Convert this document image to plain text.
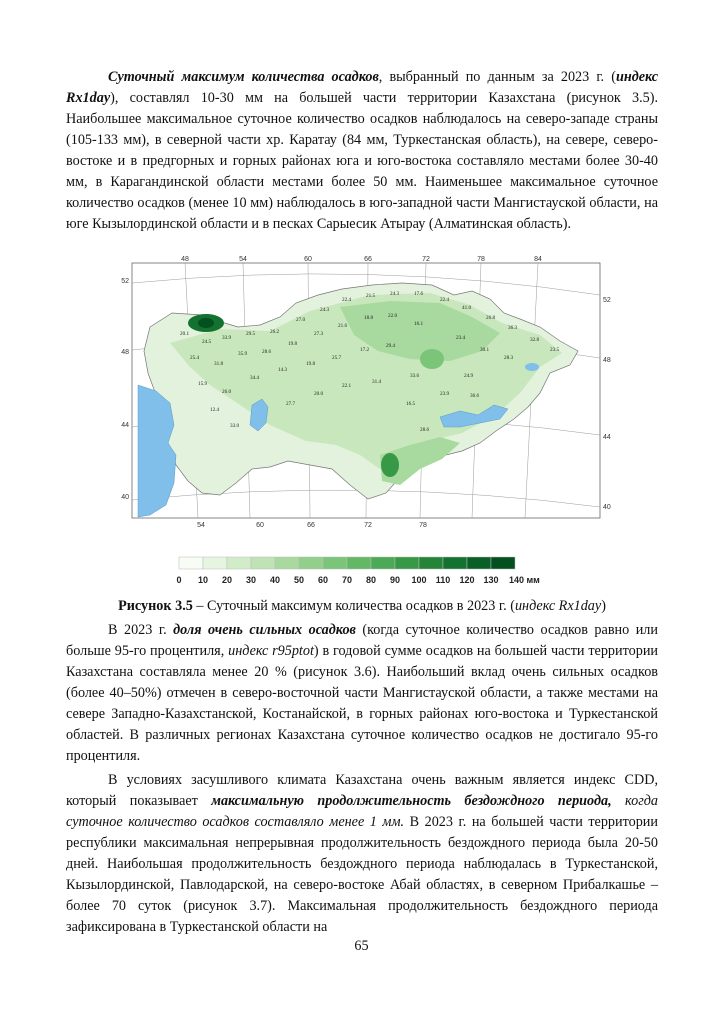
Суточный максимум количества осадков, выбранный по данным за 2023 г. (индекс Rx1day), составлял 10-30 мм на большей части территории Казахстана (рисунок 3.5). Наибольшее максимальное суточное количество осадков наблюдалось на северо-западе страны (105-133 мм), в северной части хр. Каратау (84 мм, Туркестанская область), на севере, северо-востоке и в предгорных и горных районах юга и юго-востока составляло местами более 30-40 мм, в Карагандинской области местами более 50 мм. Наименьшее максимальное суточное количество осадков (менее 10 мм) наблюдалось в юго-западной части Мангистауской области, на юге Кызылординской области и в песках Сарыесик Атырау (Алматинская область).

20.1
24.5
33.9
29.5	26.2
27.0
24.3
22.4
21.5	24.3	17.6
22.4
41.0
26.8
36.3
32.8
23.5
25.4
31.8
35.9	28.6
19.8
27.3
21.6
18.8	22.0
16.1
23.4
30.1
28.3
15.9
26.0
34.4
14.3
19.8
25.7
17.2
29.4
33.6	24.9
12.4
33.0
27.7
20.0
22.1
31.4
16.5
23.9	36.6
28.6
48	54	60	66	72	78	84
54	60	66	72	78
52
48
44
40
52
48
44
40
0 10 20 30 40 50 60 70 80 90 100 110 120 130 140 мм
Рисунок 3.5 – Суточный максимум количества осадков в 2023 г. (индекс Rx1day)

В 2023 г. доля очень сильных осадков (когда суточное количество осадков равно или больше 95-го процентиля, индекс r95ptot) в годовой сумме осадков на большей части территории Казахстана составляла менее 20 % (рисунок 3.6). Наибольший вклад очень сильных осадков (более 40–50%) отмечен в северо-восточной части Мангистауской области, а также местами на севере Западно-Казахстанской, Костанайской, в горных районах юго-востока и Туркестанской областей. В различных регионах Казахстана суточное количество осадков не достигало 95-го процентиля.

В условиях засушливого климата Казахстана очень важным является индекс CDD, который показывает максимальную продолжительность бездождного периода, когда суточное количество осадков составляло менее 1 мм. В 2023 г. на большей части территории республики максимальная непрерывная продолжительность бездождного периода была 20-50 дней. Наибольшая продолжительность бездождного периода наблюдалась в Туркестанской, Кызылординской, Павлодарской, на северо-востоке Абай областях, в северном Прибалкашье – более 70 суток (рисунок 3.7). Максимальная продолжительность бездождного периода зафиксирована в Туркестанской области на

65
